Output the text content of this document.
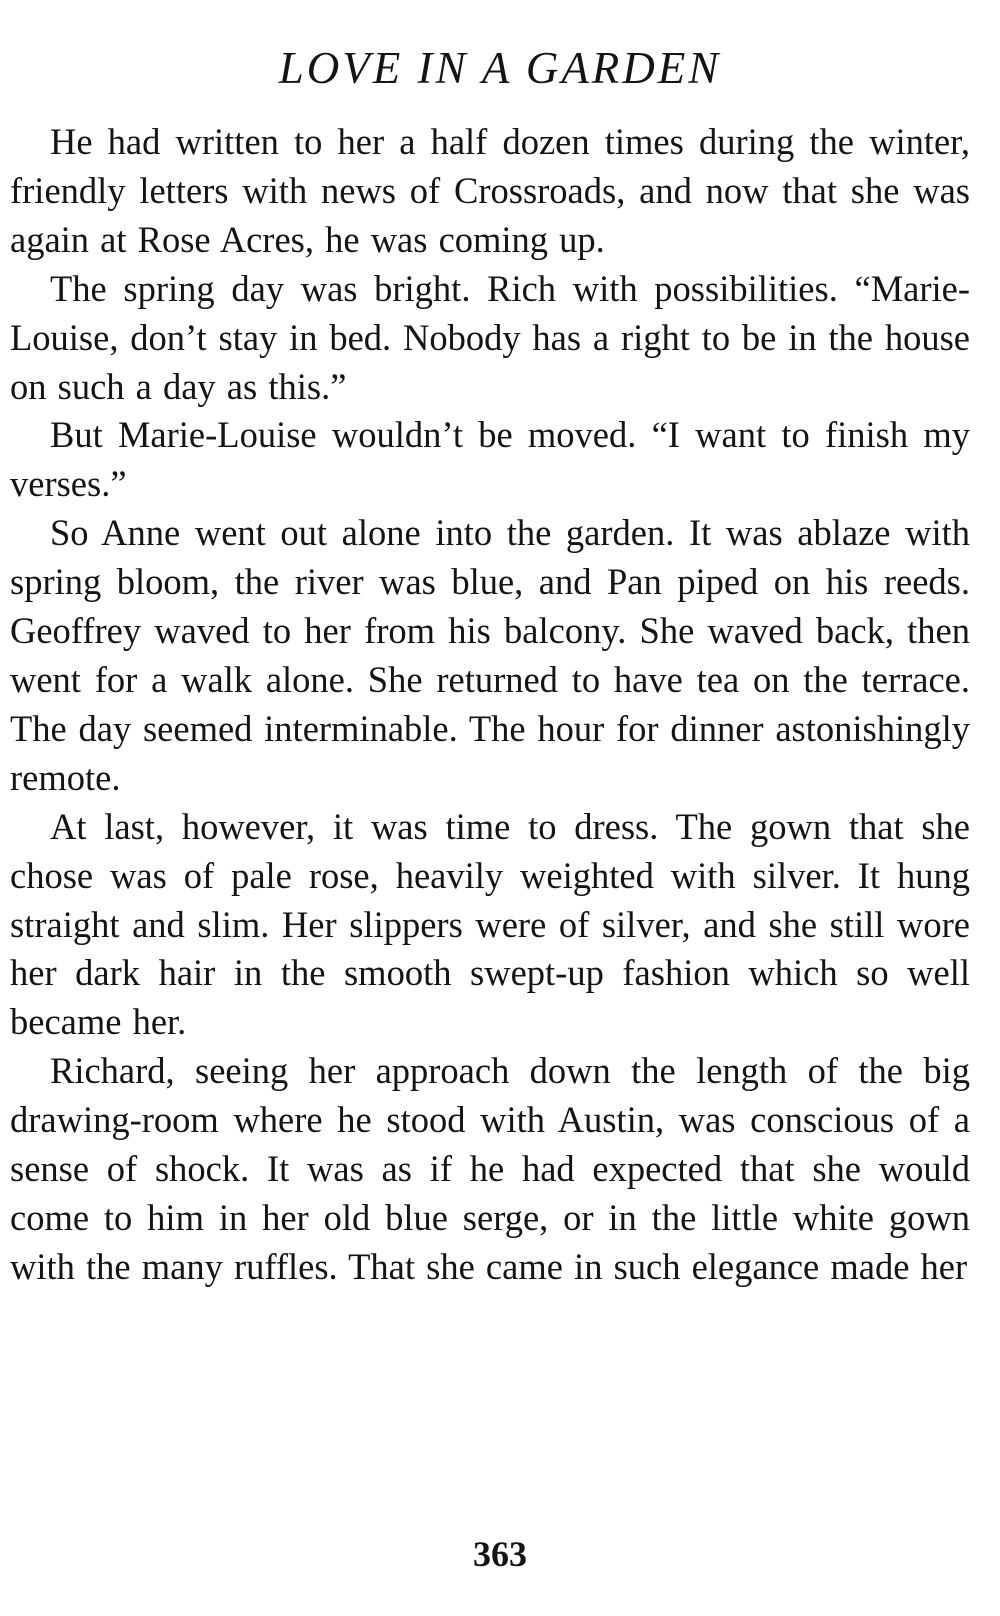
LOVE IN A GARDEN

He had written to her a half dozen times during the winter, friendly letters with news of Crossroads, and now that she was again at Rose Acres, he was coming up.

The spring day was bright. Rich with possibilities. “Marie-Louise, don’t stay in bed. Nobody has a right to be in the house on such a day as this.”

But Marie-Louise wouldn’t be moved. “I want to finish my verses.”

So Anne went out alone into the garden. It was ablaze with spring bloom, the river was blue, and Pan piped on his reeds. Geoffrey waved to her from his balcony. She waved back, then went for a walk alone. She returned to have tea on the terrace. The day seemed interminable. The hour for dinner astonishingly remote.

At last, however, it was time to dress. The gown that she chose was of pale rose, heavily weighted with silver. It hung straight and slim. Her slippers were of silver, and she still wore her dark hair in the smooth swept-up fashion which so well became her.

Richard, seeing her approach down the length of the big drawing-room where he stood with Austin, was conscious of a sense of shock. It was as if he had expected that she would come to him in her old blue serge, or in the little white gown with the many ruffles. That she came in such elegance made her

363
